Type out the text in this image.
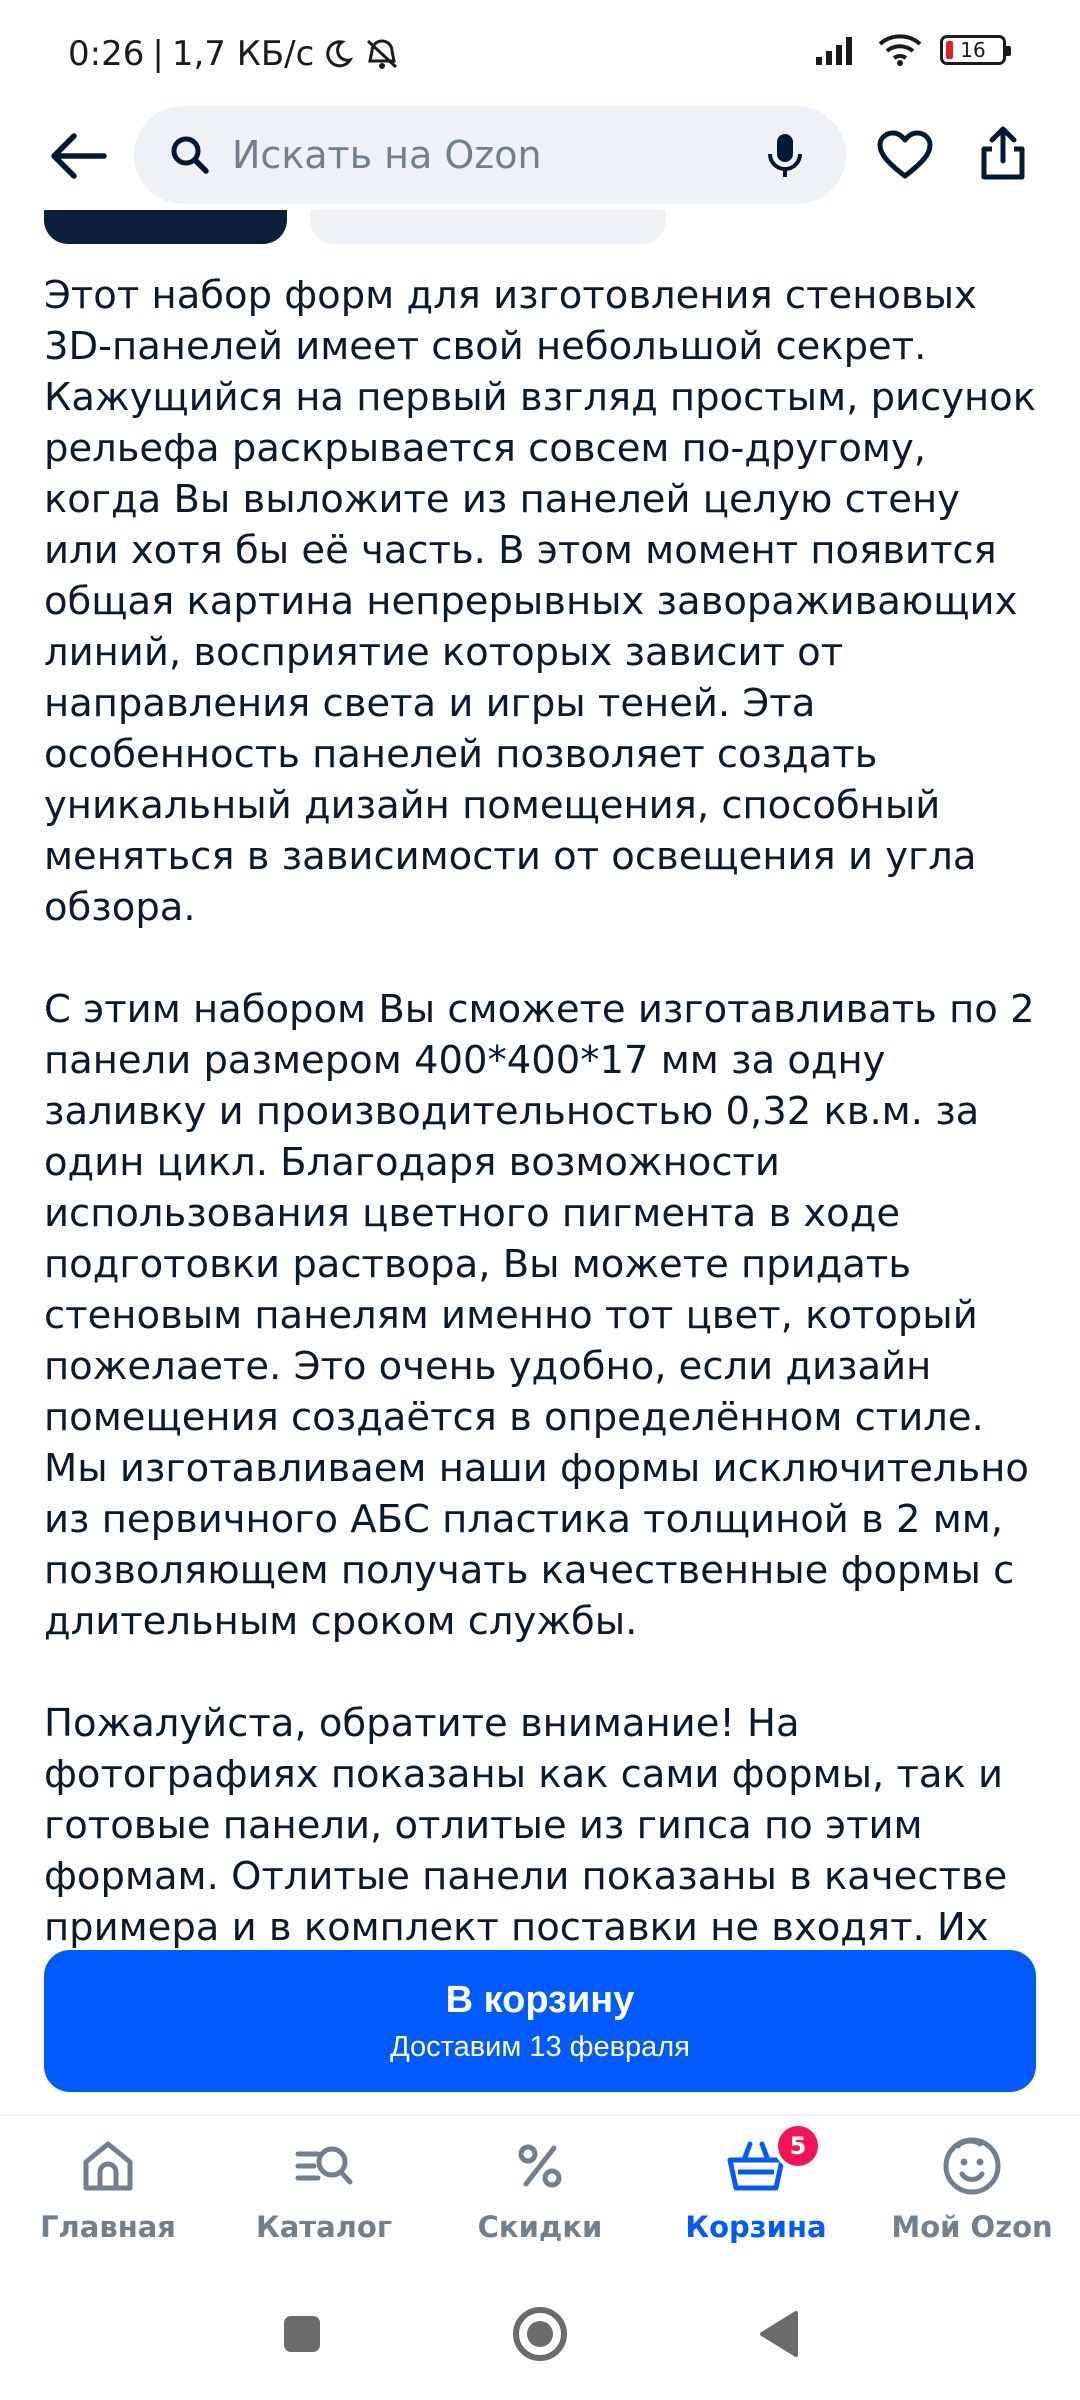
0:26 | 1,7 КБ/с	16
Искать на Ozon

Этот набор форм для изготовления стеновых 3D-панелей имеет свой небольшой секрет. Кажущийся на первый взгляд простым, рисунок рельефа раскрывается совсем по-другому, когда Вы выложите из панелей целую стену или хотя бы её часть. В этом момент появится общая картина непрерывных завораживающих линий, восприятие которых зависит от направления света и игры теней. Эта особенность панелей позволяет создать уникальный дизайн помещения, способный меняться в зависимости от освещения и угла обзора.

С этим набором Вы сможете изготавливать по 2 панели размером 400*400*17 мм за одну заливку и производительностью 0,32 кв.м. за один цикл. Благодаря возможности использования цветного пигмента в ходе подготовки раствора, Вы можете придать стеновым панелям именно тот цвет, который пожелаете. Это очень удобно, если дизайн помещения создаётся в определённом стиле. Мы изготавливаем наши формы исключительно из первичного АБС пластика толщиной в 2 мм, позволяющем получать качественные формы с длительным сроком службы.

Пожалуйста, обратите внимание! На фотографиях показаны как сами формы, так и готовые панели, отлитые из гипса по этим формам. Отлитые панели показаны в качестве примера и в комплект поставки не входят. Их

В корзину
Доставим 13 февраля
Главная	Каталог	Скидки
5
Корзина Мой Ozon
